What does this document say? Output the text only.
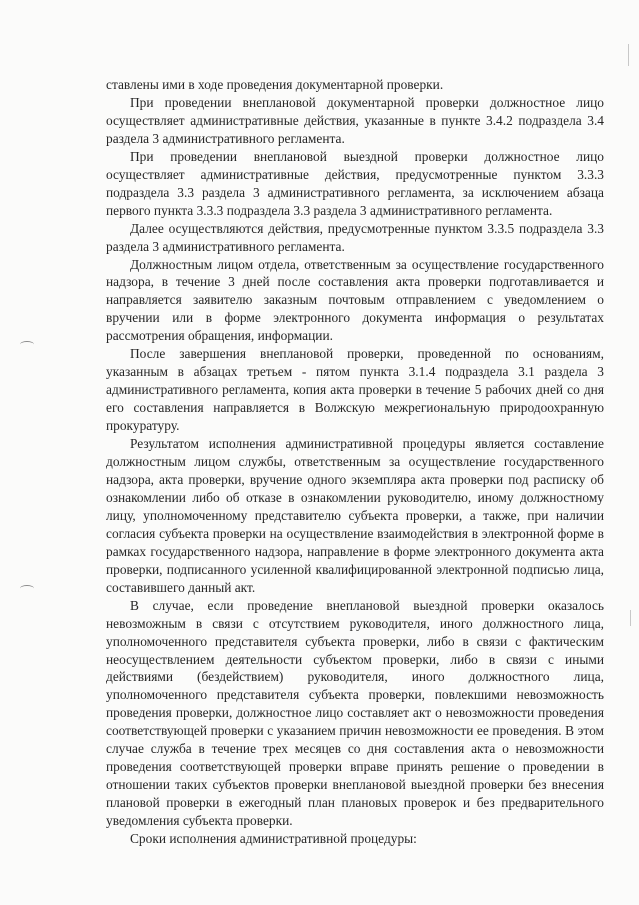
ставлены ими в ходе проведения документарной проверки.

При проведении внеплановой документарной проверки должностное лицо осуществляет административные действия, указанные в пункте 3.4.2 подраздела 3.4 раздела 3 административного регламента.

При проведении внеплановой выездной проверки должностное лицо осуществляет административные действия, предусмотренные пунктом 3.3.3 подраздела 3.3 раздела 3 административного регламента, за исключением абзаца первого пункта 3.3.3 подраздела 3.3 раздела 3 административного регламента.

Далее осуществляются действия, предусмотренные пунктом 3.3.5 подраздела 3.3 раздела 3 административного регламента.

Должностным лицом отдела, ответственным за осуществление государственного надзора, в течение 3 дней после составления акта проверки подготавливается и направляется заявителю заказным почтовым отправлением с уведомлением о вручении или в форме электронного документа информация о результатах рассмотрения обращения, информации.

После завершения внеплановой проверки, проведенной по основаниям, указанным в абзацах третьем - пятом пункта 3.1.4 подраздела 3.1 раздела 3 административного регламента, копия акта проверки в течение 5 рабочих дней со дня его составления направляется в Волжскую межрегиональную природоохранную прокуратуру.

Результатом исполнения административной процедуры является составление должностным лицом службы, ответственным за осуществление государственного надзора, акта проверки, вручение одного экземпляра акта проверки под расписку об ознакомлении либо об отказе в ознакомлении руководителю, иному должностному лицу, уполномоченному представителю субъекта проверки, а также, при наличии согласия субъекта проверки на осуществление взаимодействия в электронной форме в рамках государственного надзора, направление в форме электронного документа акта проверки, подписанного усиленной квалифицированной электронной подписью лица, составившего данный акт.

В случае, если проведение внеплановой выездной проверки оказалось невозможным в связи с отсутствием руководителя, иного должностного лица, уполномоченного представителя субъекта проверки, либо в связи с фактическим неосуществлением деятельности субъектом проверки, либо в связи с иными действиями (бездействием) руководителя, иного должностного лица, уполномоченного представителя субъекта проверки, повлекшими невозможность проведения проверки, должностное лицо составляет акт о невозможности проведения соответствующей проверки с указанием причин невозможности ее проведения. В этом случае служба в течение трех месяцев со дня составления акта о невозможности проведения соответствующей проверки вправе принять решение о проведении в отношении таких субъектов проверки внеплановой выездной проверки без внесения плановой проверки в ежегодный план плановых проверок и без предварительного уведомления субъекта проверки.

Сроки исполнения административной процедуры:
